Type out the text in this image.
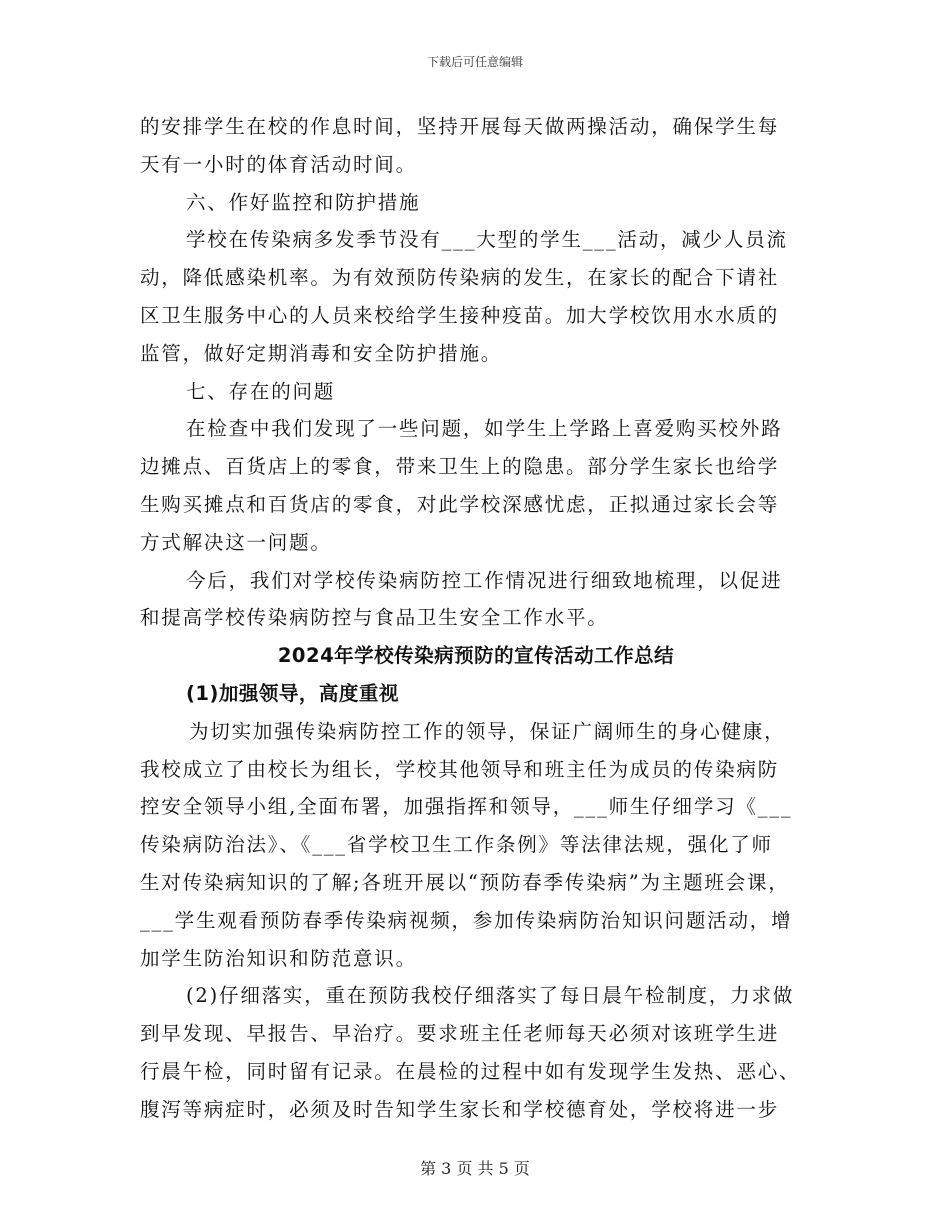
下载后可任意编辑
的安排学生在校的作息时间，坚持开展每天做两操活动，确保学生每
天有一小时的体育活动时间。
六、作好监控和防护措施
学校在传染病多发季节没有___大型的学生___活动，减少人员流
动，降低感染机率。为有效预防传染病的发生，在家长的配合下请社
区卫生服务中心的人员来校给学生接种疫苗。加大学校饮用水水质的
监管，做好定期消毒和安全防护措施。
七、存在的问题
在检查中我们发现了一些问题，如学生上学路上喜爱购买校外路
边摊点、百货店上的零食，带来卫生上的隐患。部分学生家长也给学
生购买摊点和百货店的零食，对此学校深感忧虑，正拟通过家长会等
方式解决这一问题。
今后，我们对学校传染病防控工作情况进行细致地梳理，以促进
和提高学校传染病防控与食品卫生安全工作水平。
2024年学校传染病预防的宣传活动工作总结
(1)加强领导，高度重视
为切实加强传染病防控工作的领导，保证广阔师生的身心健康，
我校成立了由校长为组长，学校其他领导和班主任为成员的传染病防
控安全领导小组,全面布署，加强指挥和领导，___师生仔细学习《___
传染病防治法》、《___省学校卫生工作条例》等法律法规，强化了师
生对传染病知识的了解;各班开展以“预防春季传染病”为主题班会课，
___学生观看预防春季传染病视频，参加传染病防治知识问题活动，增
加学生防治知识和防范意识。
(2)仔细落实，重在预防我校仔细落实了每日晨午检制度，力求做
到早发现、早报告、早治疗。要求班主任老师每天必须对该班学生进
行晨午检，同时留有记录。在晨检的过程中如有发现学生发热、恶心、
腹泻等病症时，必须及时告知学生家长和学校德育处，学校将进一步
第 3 页 共 5 页
